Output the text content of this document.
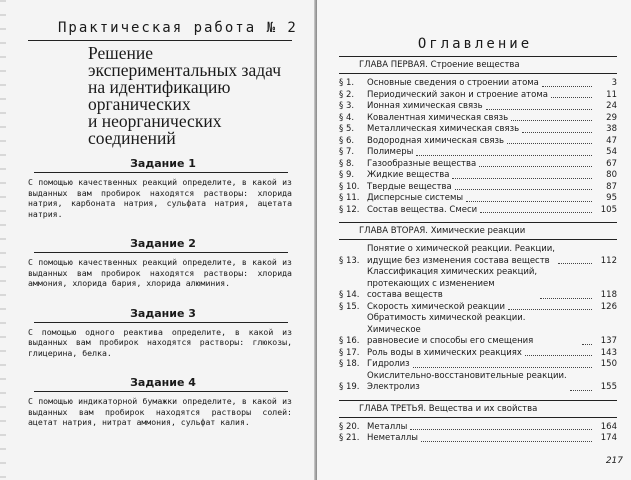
Практическая работа № 2
Решение
экспериментальных задач
на идентификацию
органических
и неорганических
соединений
Задание 1
С помощью качественных реакций определите, в какой из выданных вам пробирок находятся растворы: хлорида натрия, карбоната натрия, сульфата натрия, ацетата натрия.
Задание 2
С помощью качественных реакций определите, в какой из выданных вам пробирок находятся растворы: хлорида аммония, хлорида бария, хлорида алюминия.
Задание 3
С помощью одного реактива определите, в какой из выданных вам пробирок находятся растворы: глюкозы, глицерина, белка.
Задание 4
С помощью индикаторной бумажки определите, в какой из выданных вам пробирок находятся растворы солей: ацетат натрия, нитрат аммония, сульфат калия.
Оглавление
ГЛАВА ПЕРВАЯ. Строение вещества
§ 1.	Основные сведения о строении атома	3
§ 2.	Периодический закон и строение атома	11
§ 3.	Ионная химическая связь	24
§ 4.	Ковалентная химическая связь	29
§ 5.	Металлическая химическая связь	38
§ 6.	Водородная химическая связь	47
§ 7.	Полимеры	54
§ 8.	Газообразные вещества	67
§ 9.	Жидкие вещества	80
§ 10. Твердые вещества	87
§ 11. Дисперсные системы	95
§ 12. Состав вещества. Смеси	105
ГЛАВА ВТОРАЯ. Химические реакции
§ 13.
Понятие о химической реакции. Реакции,
идущие без изменения состава веществ	112
§ 14.
Классификация химических реакций,
протекающих с изменением
состава веществ	118
§ 15. Скорость химической реакции	126
§ 16.
Обратимость химической реакции. Химическое
равновесие и способы его смещения	137
§ 17. Роль воды в химических реакциях	143
§ 18. Гидролиз	150
§ 19.
Окислительно-восстановительные реакции.
Электролиз	155
ГЛАВА ТРЕТЬЯ. Вещества и их свойства
§ 20. Металлы	164
§ 21. Неметаллы	174
217
